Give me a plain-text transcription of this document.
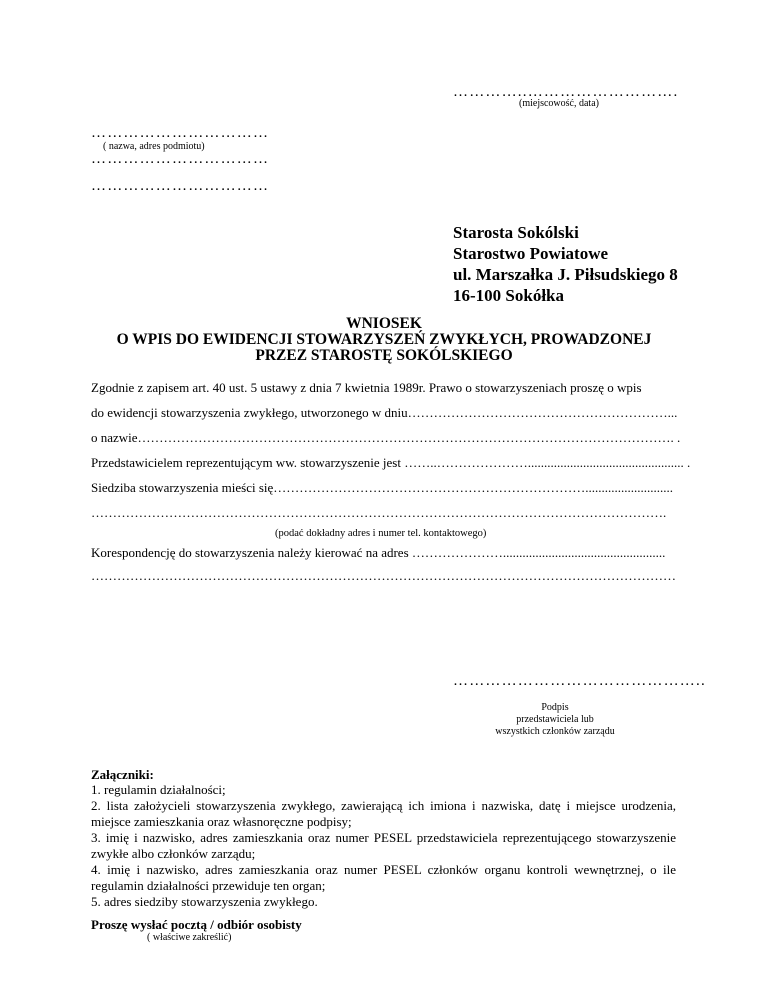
…………..……………………….
(miejscowość, data)
……………………………
( nazwa, adres podmiotu)
……………………………
……………………………
Starosta Sokólski
Starostwo Powiatowe
ul. Marszałka J. Piłsudskiego 8
16-100 Sokółka
WNIOSEK
O WPIS DO EWIDENCJI STOWARZYSZEŃ ZWYKŁYCH, PROWADZONEJ
PRZEZ STAROSTĘ SOKÓLSKIEGO
Zgodnie z zapisem art. 40 ust. 5 ustawy z dnia 7 kwietnia 1989r. Prawo o stowarzyszeniach proszę o wpis
do ewidencji stowarzyszenia zwykłego, utworzonego w dniu……………………………………………………...
o nazwie……………………………………………………………………………………………………………. .
Przedstawicielem reprezentującym ww. stowarzyszenie jest ……..…………………................................................ .
Siedziba stowarzyszenia mieści się………………………………………………………………...........................
…………………………………………………………………………………………………………………….
(podać dokładny adres i numer tel. kontaktowego)
Korespondencję do stowarzyszenia należy kierować na adres …………………..................................................
………………………………………………………………………………………………………………………
………………………………………..
Podpis
przedstawiciela lub
wszystkich członków zarządu
Załączniki:
1. regulamin działalności;
2. lista założycieli stowarzyszenia zwykłego, zawierającą ich imiona i nazwiska, datę i miejsce urodzenia, miejsce zamieszkania oraz własnoręczne podpisy;
3. imię i nazwisko, adres zamieszkania oraz numer PESEL przedstawiciela reprezentującego stowarzyszenie zwykłe albo członków zarządu;
4. imię i nazwisko, adres zamieszkania oraz numer PESEL członków organu kontroli wewnętrznej, o ile regulamin działalności przewiduje ten organ;
5. adres siedziby stowarzyszenia zwykłego.
Proszę wysłać pocztą / odbiór osobisty
( właściwe zakreślić)
